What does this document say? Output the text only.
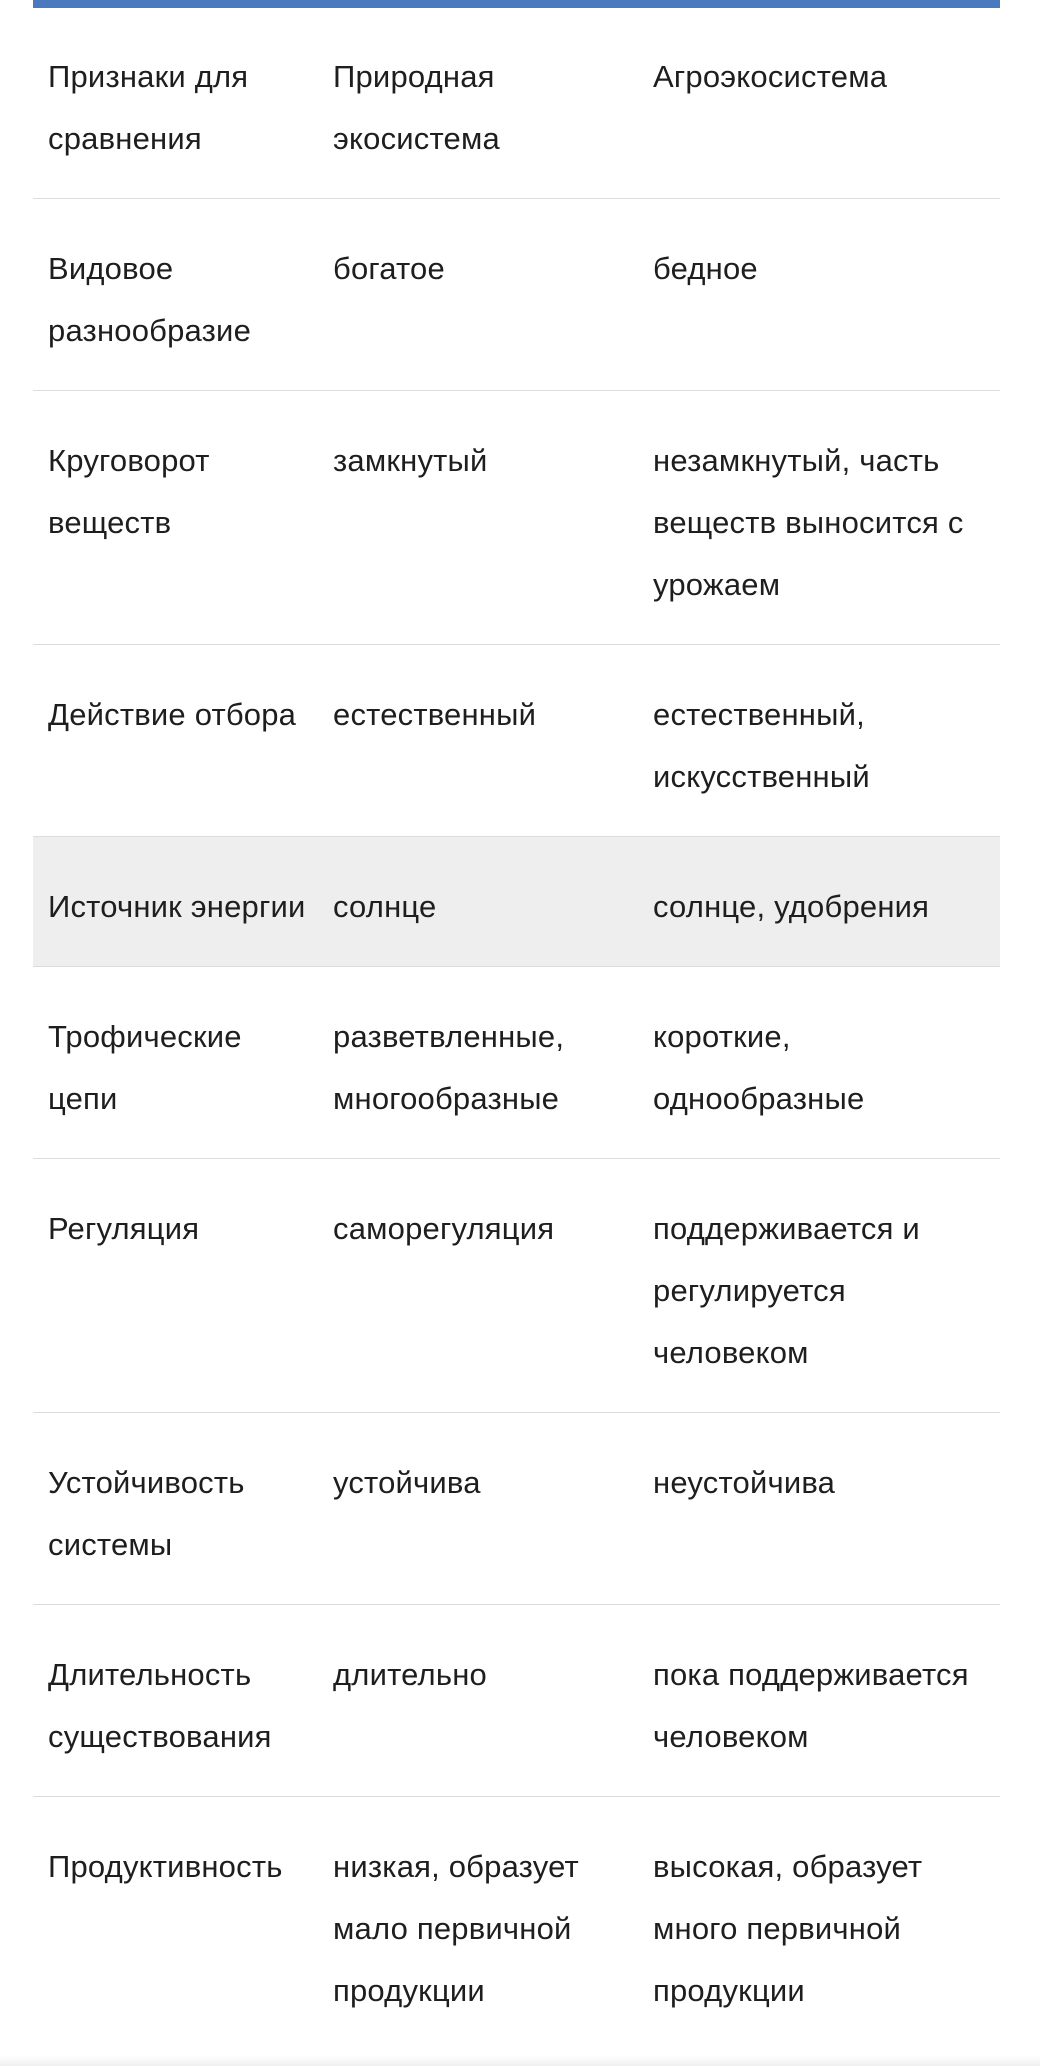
Признаки для сравнения	Природная экосистема	Агроэкосистема
Видовое разнообразие	богатое	бедное
Круговорот веществ	замкнутый	незамкнутый, часть веществ выносится с урожаем
Действие отбора	естественный	естественный, искусственный
Источник энергии	солнце	солнце, удобрения
Трофические цепи	разветвленные, многообразные	короткие, однообразные
Регуляция	саморегуляция	поддерживается и регулируется человеком
Устойчивость системы	устойчива	неустойчива
Длительность существования	длительно	пока поддерживается человеком
Продуктивность	низкая, образует мало первичной продукции	высокая, образует много первичной продукции
